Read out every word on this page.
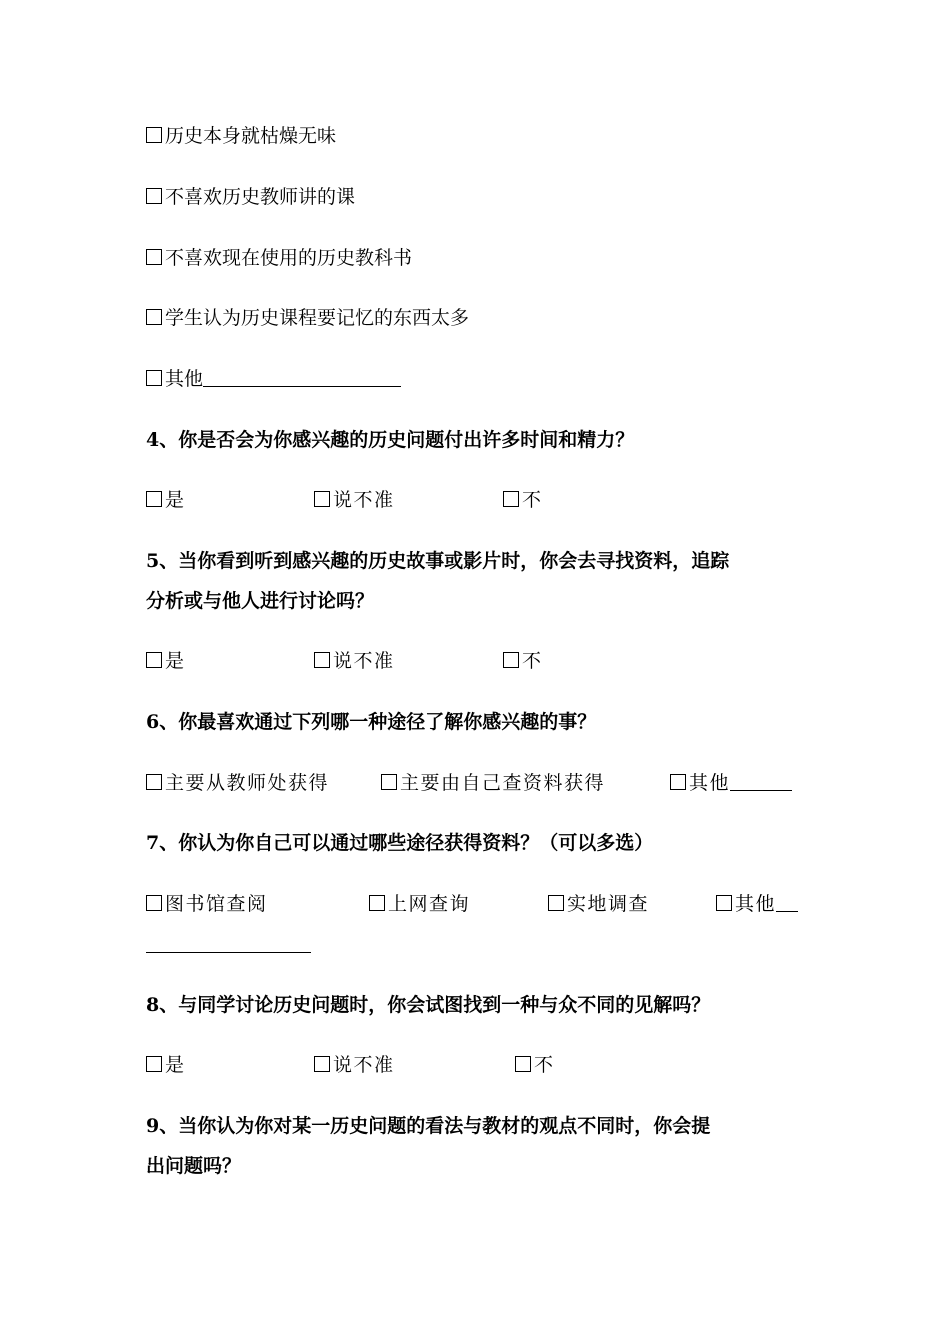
历史本身就枯燥无味
不喜欢历史教师讲的课
不喜欢现在使用的历史教科书
学生认为历史课程要记忆的东西太多
其他
4、你是否会为你感兴趣的历史问题付出许多时间和精力？
是	说不准	不
5、当你看到听到感兴趣的历史故事或影片时，你会去寻找资料，追踪
分析或与他人进行讨论吗？
是	说不准	不
6、你最喜欢通过下列哪一种途径了解你感兴趣的事？
主要从教师处获得	主要由自己查资料获得	其他
7、你认为你自己可以通过哪些途径获得资料？（可以多选）
图书馆查阅	上网查询	实地调查	其他
8、与同学讨论历史问题时，你会试图找到一种与众不同的见解吗？
是	说不准	不
9、当你认为你对某一历史问题的看法与教材的观点不同时，你会提
出问题吗？
